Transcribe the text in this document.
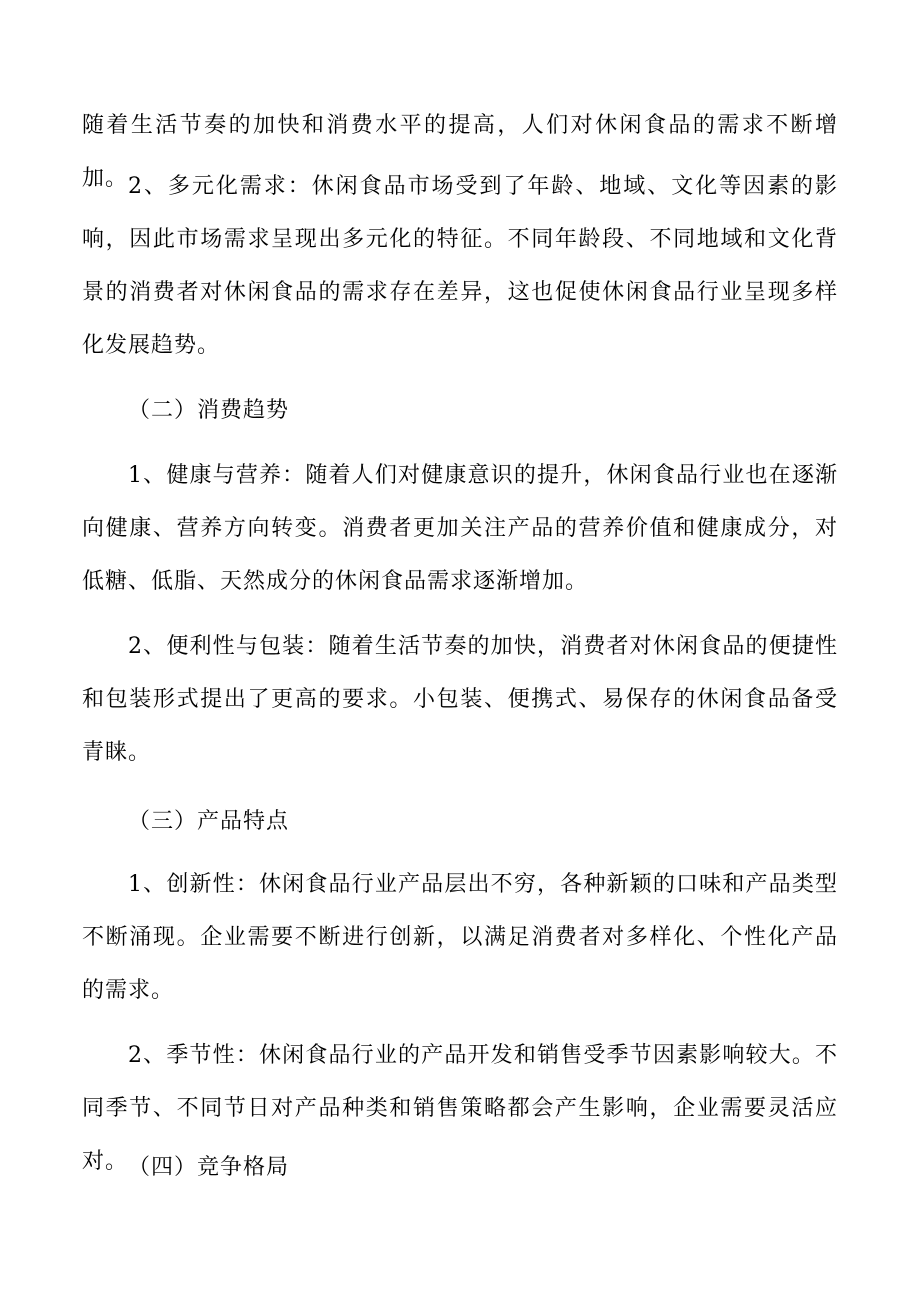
随着生活节奏的加快和消费水平的提高，人们对休闲食品的需求不断增加。 2、多元化需求：休闲食品市场受到了年龄、地域、文化等因素的影响，因此市场需求呈现出多元化的特征。不同年龄段、不同地域和文化背景的消费者对休闲食品的需求存在差异，这也促使休闲食品行业呈现多样化发展趋势。

（二）消费趋势

1、健康与营养：随着人们对健康意识的提升，休闲食品行业也在逐渐向健康、营养方向转变。消费者更加关注产品的营养价值和健康成分，对低糖、低脂、天然成分的休闲食品需求逐渐增加。

2、便利性与包装：随着生活节奏的加快，消费者对休闲食品的便捷性和包装形式提出了更高的要求。小包装、便携式、易保存的休闲食品备受青睐。

（三）产品特点

1、创新性：休闲食品行业产品层出不穷，各种新颖的口味和产品类型不断涌现。企业需要不断进行创新，以满足消费者对多样化、个性化产品的需求。

2、季节性：休闲食品行业的产品开发和销售受季节因素影响较大。不同季节、不同节日对产品种类和销售策略都会产生影响，企业需要灵活应对。 （四）竞争格局
